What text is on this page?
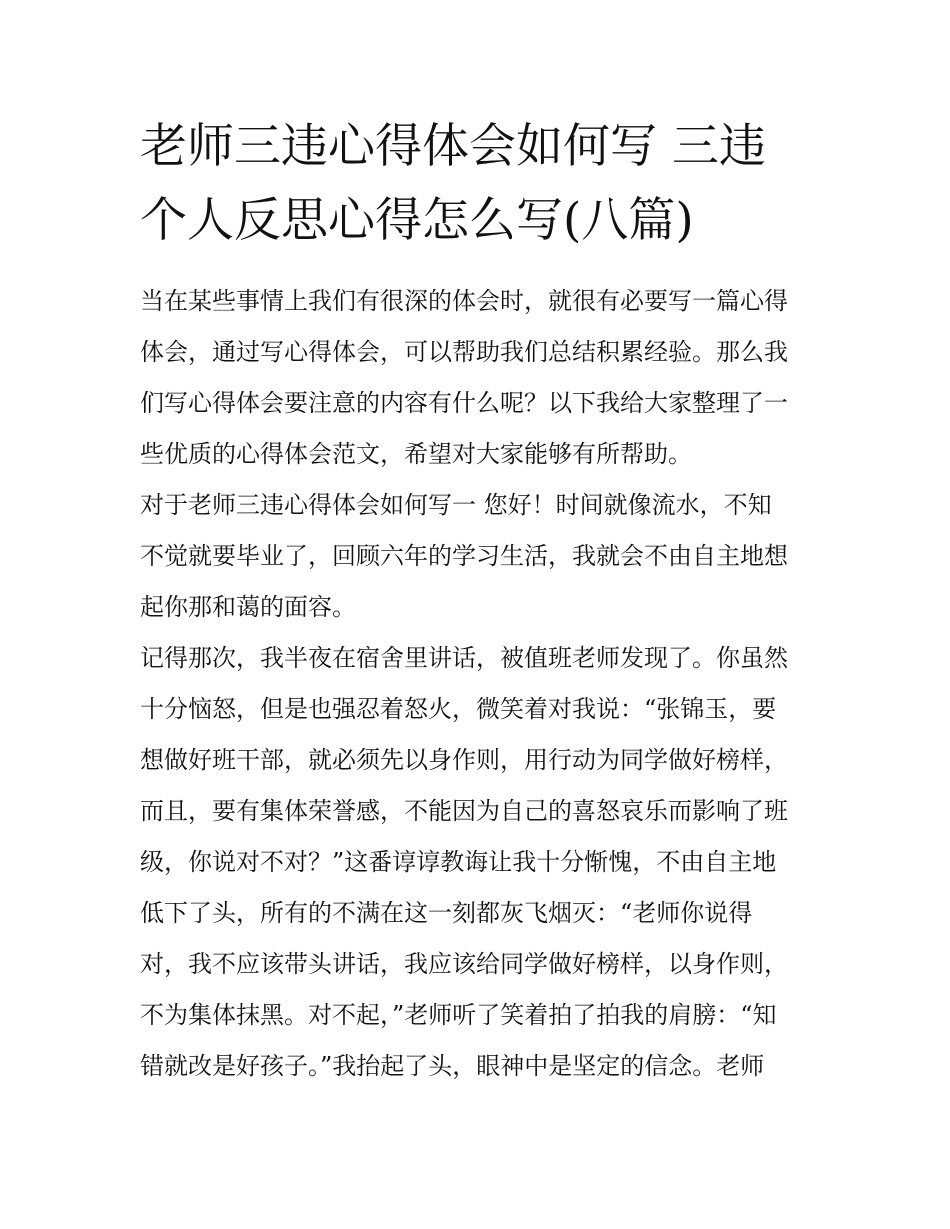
老师三违心得体会如何写 三违
个人反思心得怎么写(八篇)
当在某些事情上我们有很深的体会时，就很有必要写一篇心得
体会，通过写心得体会，可以帮助我们总结积累经验。那么我
们写心得体会要注意的内容有什么呢？以下我给大家整理了一
些优质的心得体会范文，希望对大家能够有所帮助。
对于老师三违心得体会如何写一 您好！时间就像流水，不知
不觉就要毕业了，回顾六年的学习生活，我就会不由自主地想
起你那和蔼的面容。
记得那次，我半夜在宿舍里讲话，被值班老师发现了。你虽然
十分恼怒，但是也强忍着怒火，微笑着对我说：“张锦玉，要
想做好班干部，就必须先以身作则，用行动为同学做好榜样，
而且，要有集体荣誉感，不能因为自己的喜怒哀乐而影响了班
级，你说对不对？”这番谆谆教诲让我十分惭愧，不由自主地
低下了头，所有的不满在这一刻都灰飞烟灭：“老师你说得
对，我不应该带头讲话，我应该给同学做好榜样，以身作则，
不为集体抹黑。对不起，”老师听了笑着拍了拍我的肩膀：“知
错就改是好孩子。”我抬起了头，眼神中是坚定的信念。老师
